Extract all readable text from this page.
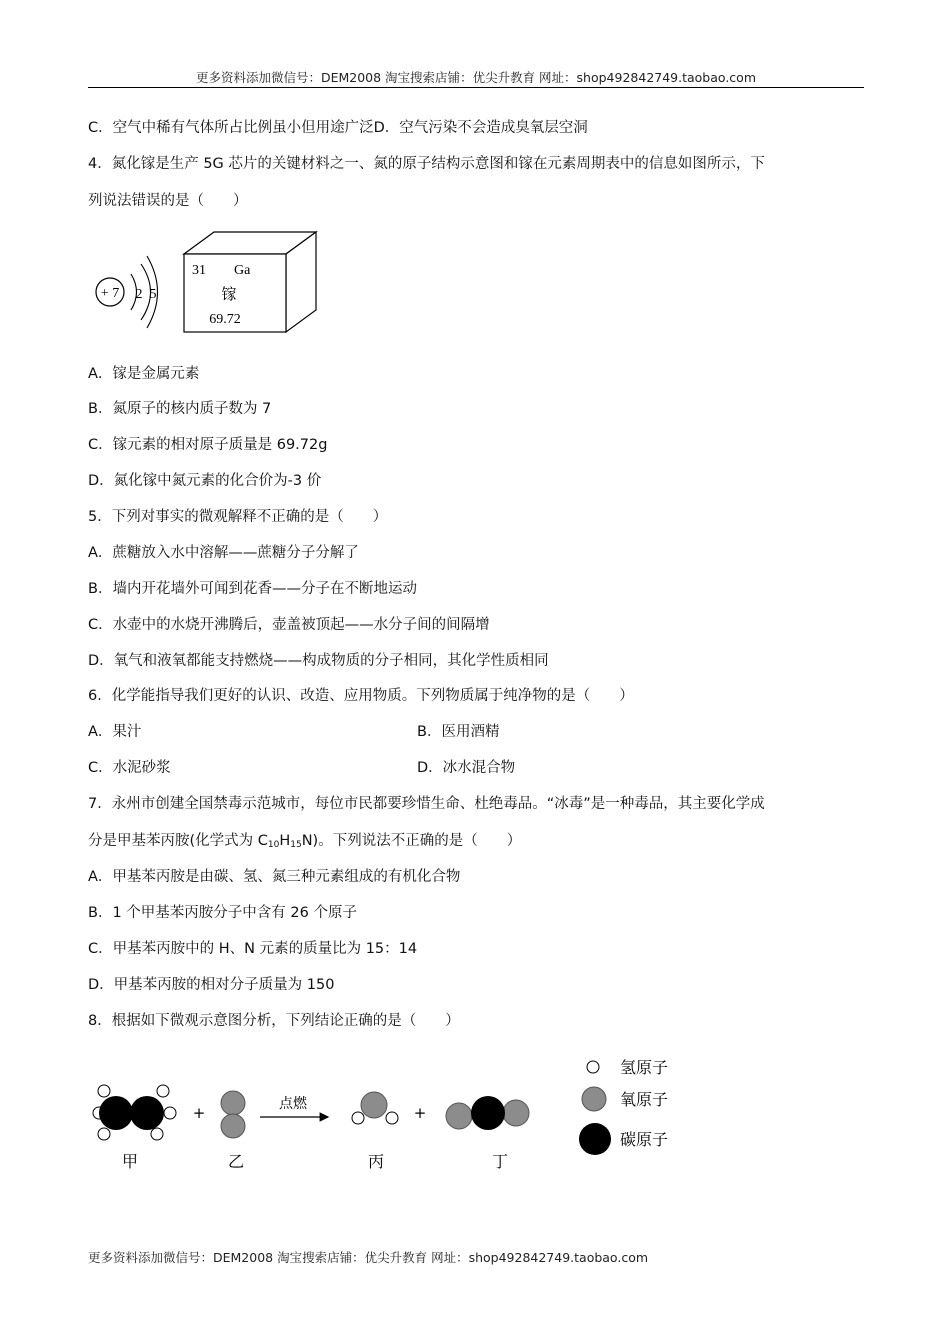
更多资料添加微信号：DEM2008 淘宝搜索店铺：优尖升教育 网址：shop492842749.taobao.com
C．空气中稀有气体所占比例虽小但用途广泛D．空气污染不会造成臭氧层空洞
4．氮化镓是生产 5G 芯片的关键材料之一、氮的原子结构示意图和镓在元素周期表中的信息如图所示，下
列说法错误的是（　　）
+ 7 2 5
31 Ga
镓
69.72
A．镓是金属元素
B．氮原子的核内质子数为 7
C．镓元素的相对原子质量是 69.72g
D．氮化镓中氮元素的化合价为-3 价
5．下列对事实的微观解释不正确的是（　　）
A．蔗糖放入水中溶解——蔗糖分子分解了
B．墙内开花墙外可闻到花香——分子在不断地运动
C．水壶中的水烧开沸腾后，壶盖被顶起——水分子间的间隔增
D．氧气和液氧都能支持燃烧——构成物质的分子相同，其化学性质相同
6．化学能指导我们更好的认识、改造、应用物质。下列物质属于纯净物的是（　　）
A．果汁	B．医用酒精
C．水泥砂浆	D．冰水混合物
7．永州市创建全国禁毒示范城市，每位市民都要珍惜生命、杜绝毒品。“冰毒”是一种毒品，其主要化学成
分是甲基苯丙胺(化学式为 $C_{10}H_{15}N$)。下列说法不正确的是（　　）
A．甲基苯丙胺是由碳、氢、氮三种元素组成的有机化合物
B．1 个甲基苯丙胺分子中含有 26 个原子
C．甲基苯丙胺中的 H、N 元素的质量比为 15：14
D．甲基苯丙胺的相对分子质量为 150
8．根据如下微观示意图分析，下列结论正确的是（　　）
甲
+
乙
点燃
丙
+
丁
氢原子
氧原子
碳原子
更多资料添加微信号：DEM2008 淘宝搜索店铺：优尖升教育 网址：shop492842749.taobao.com
